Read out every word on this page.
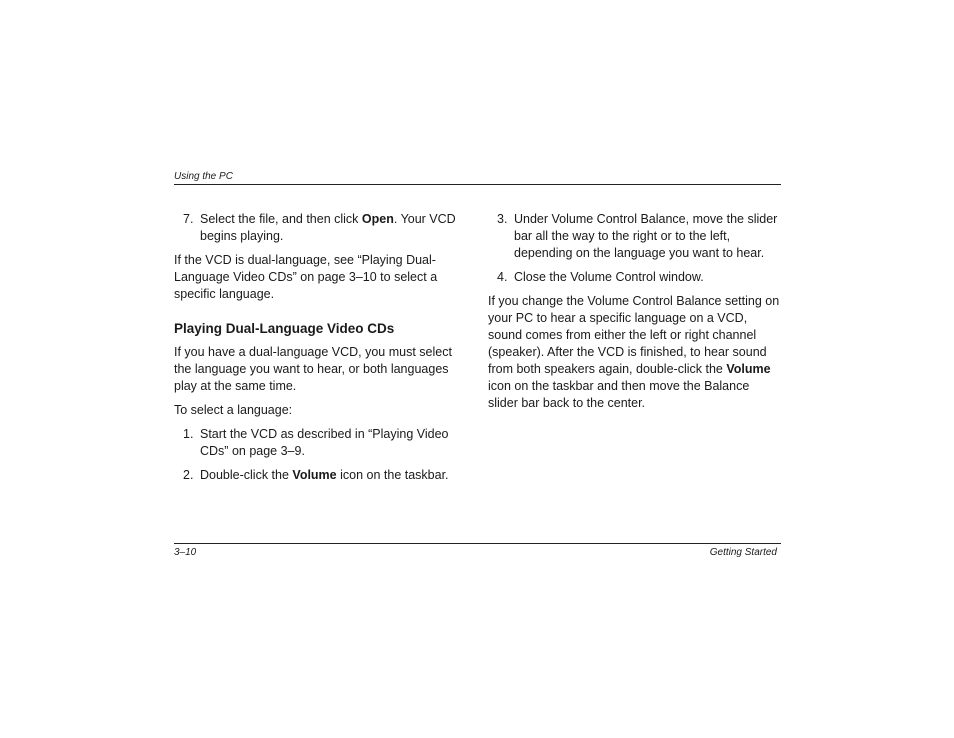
Using the PC
7. Select the file, and then click Open. Your VCD begins playing.

If the VCD is dual-language, see “Playing Dual-Language Video CDs” on page 3–10 to select a specific language.

Playing Dual-Language Video CDs

If you have a dual-language VCD, you must select the language you want to hear, or both languages play at the same time.

To select a language:

1. Start the VCD as described in “Playing Video CDs” on page 3–9.
2. Double-click the Volume icon on the taskbar.
3. Under Volume Control Balance, move the slider bar all the way to the right or to the left, depending on the language you want to hear.
4. Close the Volume Control window.

If you change the Volume Control Balance setting on your PC to hear a specific language on a VCD, sound comes from either the left or right channel (speaker). After the VCD is finished, to hear sound from both speakers again, double-click the Volume icon on the taskbar and then move the Balance slider bar back to the center.

3–10	Getting Started
